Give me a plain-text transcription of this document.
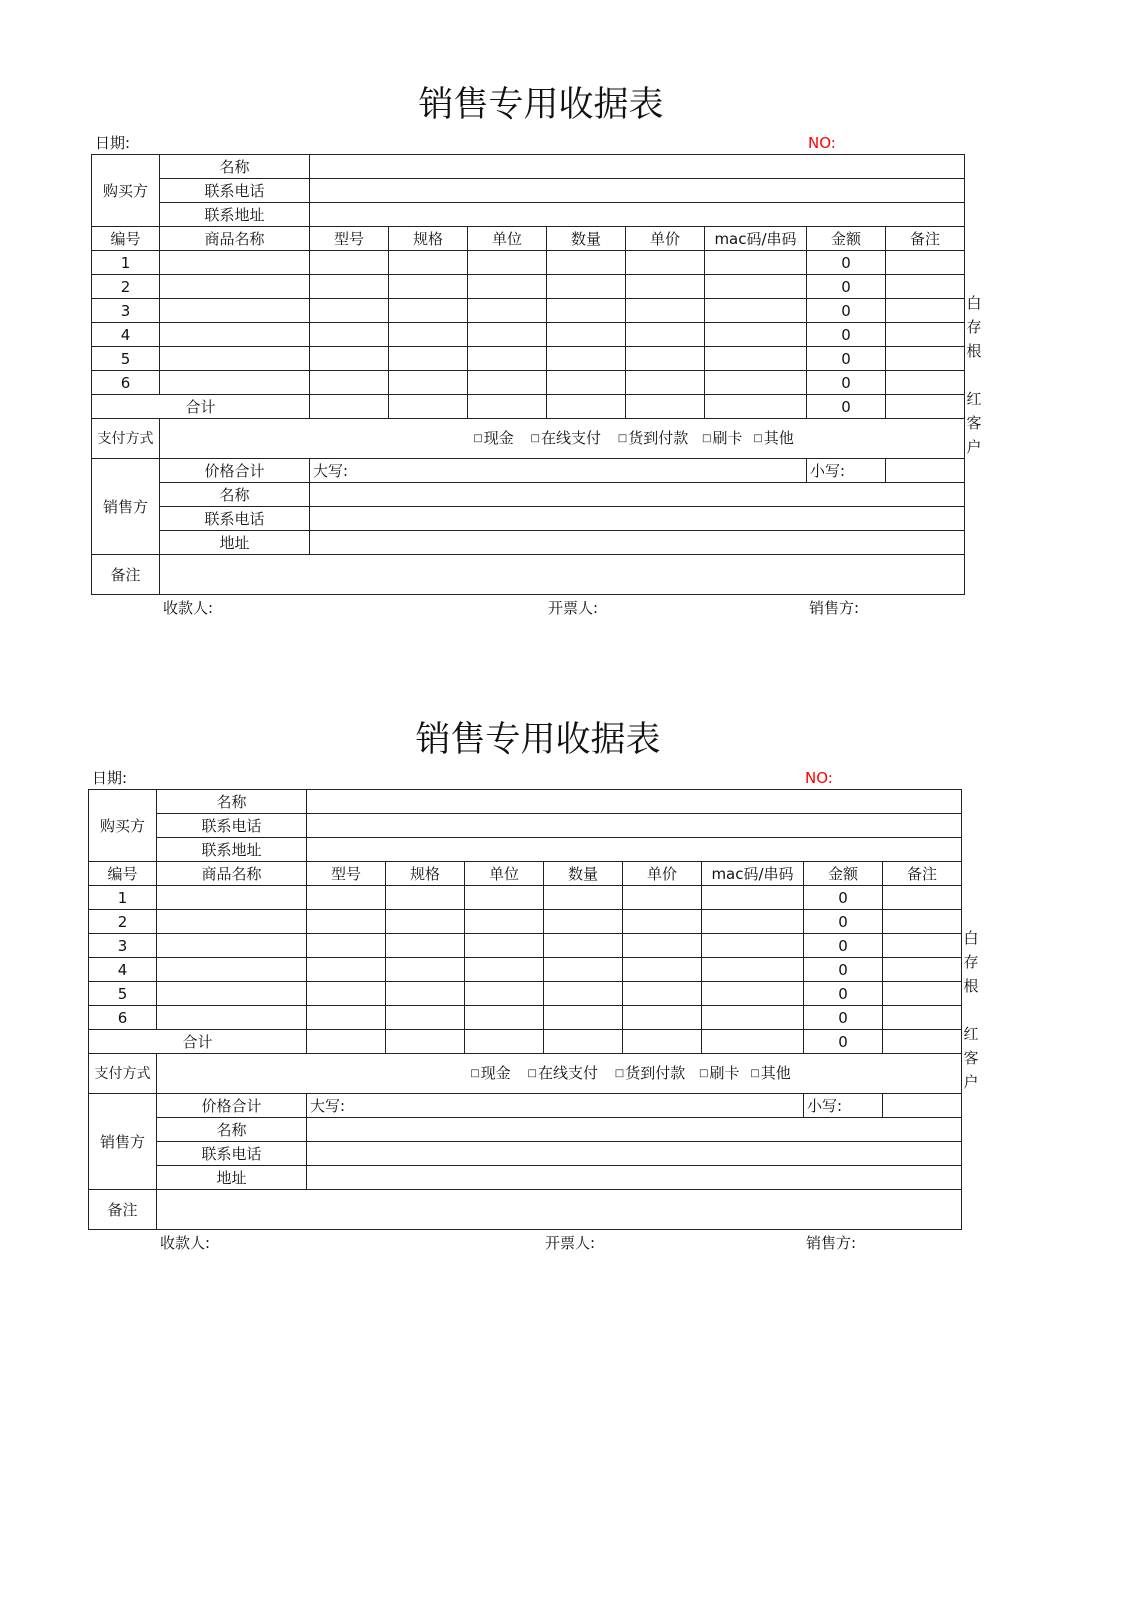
销售专用收据表
日期:	NO:
购买方	名称								
	联系电话								
	联系地址								
编号	商品名称	型号	规格	单位	数量	单价	mac码/串码	金额	备注
1								0	
2								0	
3								0	
4								0	
5								0	
6								0	
合计								0	
支付方式	□现金 □在线支付 □货到付款 □刷卡 □其他								
销售方	价格合计	大写:						小写:	
	名称								
	联系电话								
	地址								
备注									
白
存
根
红
客
户
收款人:	开票人:	销售方:
销售专用收据表
日期:	NO:
购买方	名称								
	联系电话								
	联系地址								
编号	商品名称	型号	规格	单位	数量	单价	mac码/串码	金额	备注
1								0	
2								0	
3								0	
4								0	
5								0	
6								0	
合计								0	
支付方式	□现金 □在线支付 □货到付款 □刷卡 □其他								
销售方	价格合计	大写:						小写:	
	名称								
	联系电话								
	地址								
备注									
白
存
根
红
客
户
收款人:	开票人:	销售方:
